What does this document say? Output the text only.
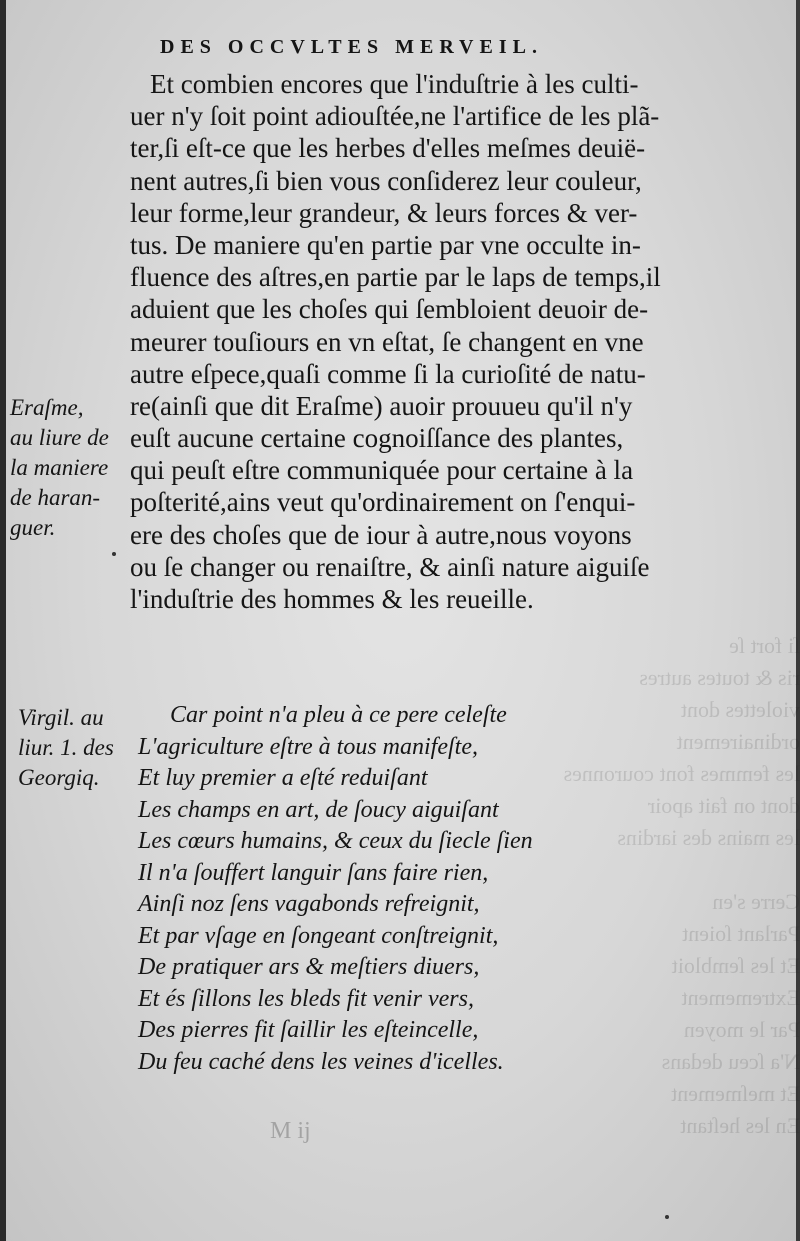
ſi fort ſe
ris & toutes autres violettes dont ordinairement
les femmes font couronnes
dont on fait apoir
les mains des iardins

Cerre s'en
Parlant ſoient
Et les ſembloit
Extremement
Par le moyen
N'a ſceu dedans
Et meſmement
En les heſtant
DES OCCVLTES MERVEIL.
Et combien encores que l'induſtrie à les culti-
uer n'y ſoit point adiouſtée,ne l'artifice de les plã-
ter,ſi eſt-ce que les herbes d'elles meſmes deuië-
nent autres,ſi bien vous conſiderez leur couleur,
leur forme,leur grandeur, & leurs forces & ver-
tus. De maniere qu'en partie par vne occulte in-
fluence des aſtres,en partie par le laps de temps,il
aduient que les choſes qui ſembloient deuoir de-
meurer touſiours en vn eſtat, ſe changent en vne
autre eſpece,quaſi comme ſi la curioſité de natu-
re(ainſi que dit Eraſme) auoir prouueu qu'il n'y
euſt aucune certaine cognoiſſance des plantes,
qui peuſt eſtre communiquée pour certaine à la
poſterité,ains veut qu'ordinairement on ſ'enqui-
ere des choſes que de iour à autre,nous voyons
ou ſe changer ou renaiſtre, & ainſi nature aiguiſe
l'induſtrie des hommes & les reueille.
Eraſme,
au liure de
la maniere
de haran-
guer.
Virgil. au
liur. 1. des
Georgiq.
Car point n'a pleu à ce pere celeſte
L'agriculture eſtre à tous manifeſte,
Et luy premier a eſté reduiſant
Les champs en art, de ſoucy aiguiſant
Les cœurs humains, & ceux du ſiecle ſien
Il n'a ſouffert languir ſans faire rien,
Ainſi noz ſens vagabonds refreignit,
Et par vſage en ſongeant conſtreignit,
De pratiquer ars & meſtiers diuers,
Et és ſillons les bleds fit venir vers,
Des pierres fit ſaillir les eſteincelle,
Du feu caché dens les veines d'icelles.
M ij
